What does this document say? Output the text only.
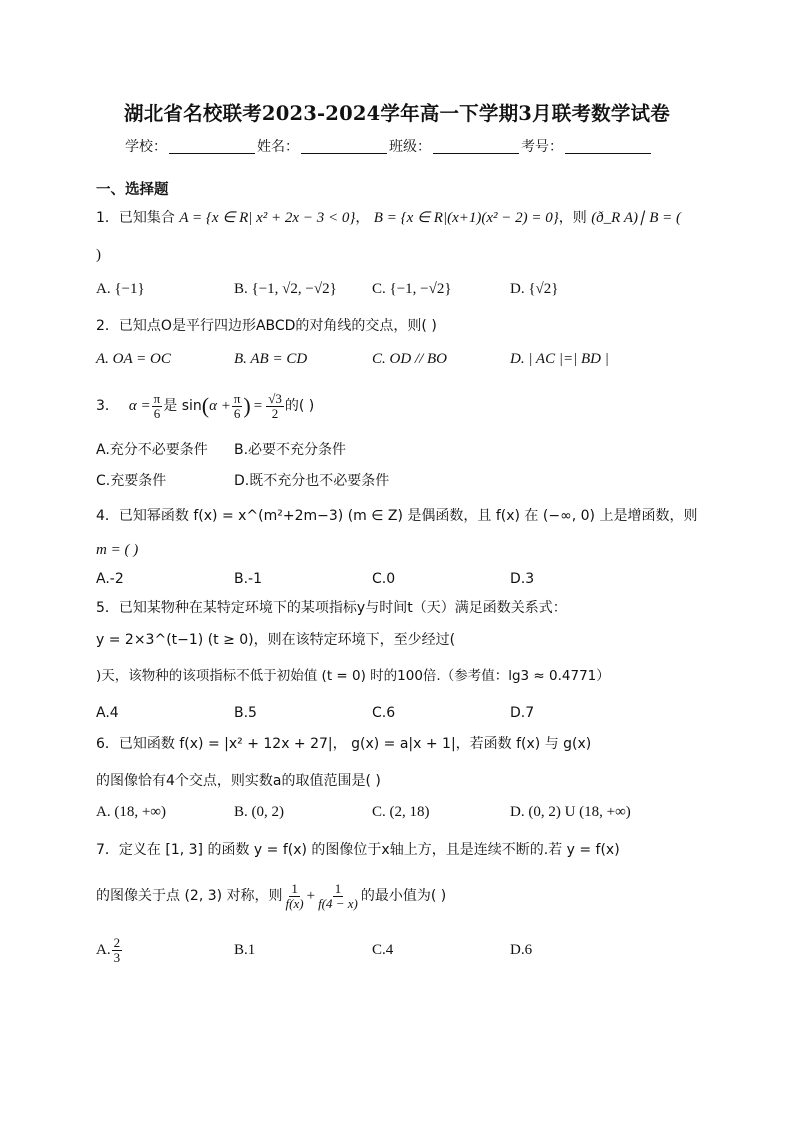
湖北省名校联考2023-2024学年高一下学期3月联考数学试卷
学校：	姓名：	班级：	考号：
一、选择题
1．已知集合 A = {x ∈ R| x² + 2x − 3 < 0}， B = {x ∈ R|(x+1)(x² − 2) = 0}，则 (ð_R A)∣ B = (
)
A. {−1}	B. {−1, √2, −√2} C. {−1, −√2}	D. {√2}
2．已知点O是平行四边形ABCD的对角线的交点，则( )
A. OA = OC	B. AB = CD	C. OD // BO	D. | AC |=| BD |
3． $\alpha = \frac{\pi}{6}$ 是 sin ( $\alpha + \frac{\pi}{6}$ ) = $\frac{√3}{2}$ 的( )
A.充分不必要条件 B.必要不充分条件
C.充要条件	D.既不充分也不必要条件
4．已知幂函数 f(x) = x^(m²+2m−3) (m ∈ Z) 是偶函数，且 f(x) 在 (−∞, 0) 上是增函数，则
m = ( )
A.-2	B.-1	C.0	D.3
5．已知某物种在某特定环境下的某项指标y与时间t（天）满足函数关系式：
y = 2×3^(t−1) (t ≥ 0)，则在该特定环境下，至少经过(
)天，该物种的该项指标不低于初始值 (t = 0) 时的100倍.（参考值：lg3 ≈ 0.4771）
A.4	B.5	C.6	D.7
6．已知函数 f(x) = |x² + 12x + 27|， g(x) = a|x + 1|，若函数 f(x) 与 g(x)
的图像恰有4个交点，则实数a的取值范围是( )
A. (18, +∞)	B. (0, 2)	C. (2, 18)	D. (0, 2) U (18, +∞)
7．定义在 [1, 3] 的函数 y = f(x) 的图像位于x轴上方，且是连续不断的.若 y = f(x)
的图像关于点 (2, 3) 对称，则 $\frac{1}{f(x)} + \frac{1}{f(4 - x)}$ 的最小值为( )
A. $\frac{2}{3}$	B.1	C.4	D.6
